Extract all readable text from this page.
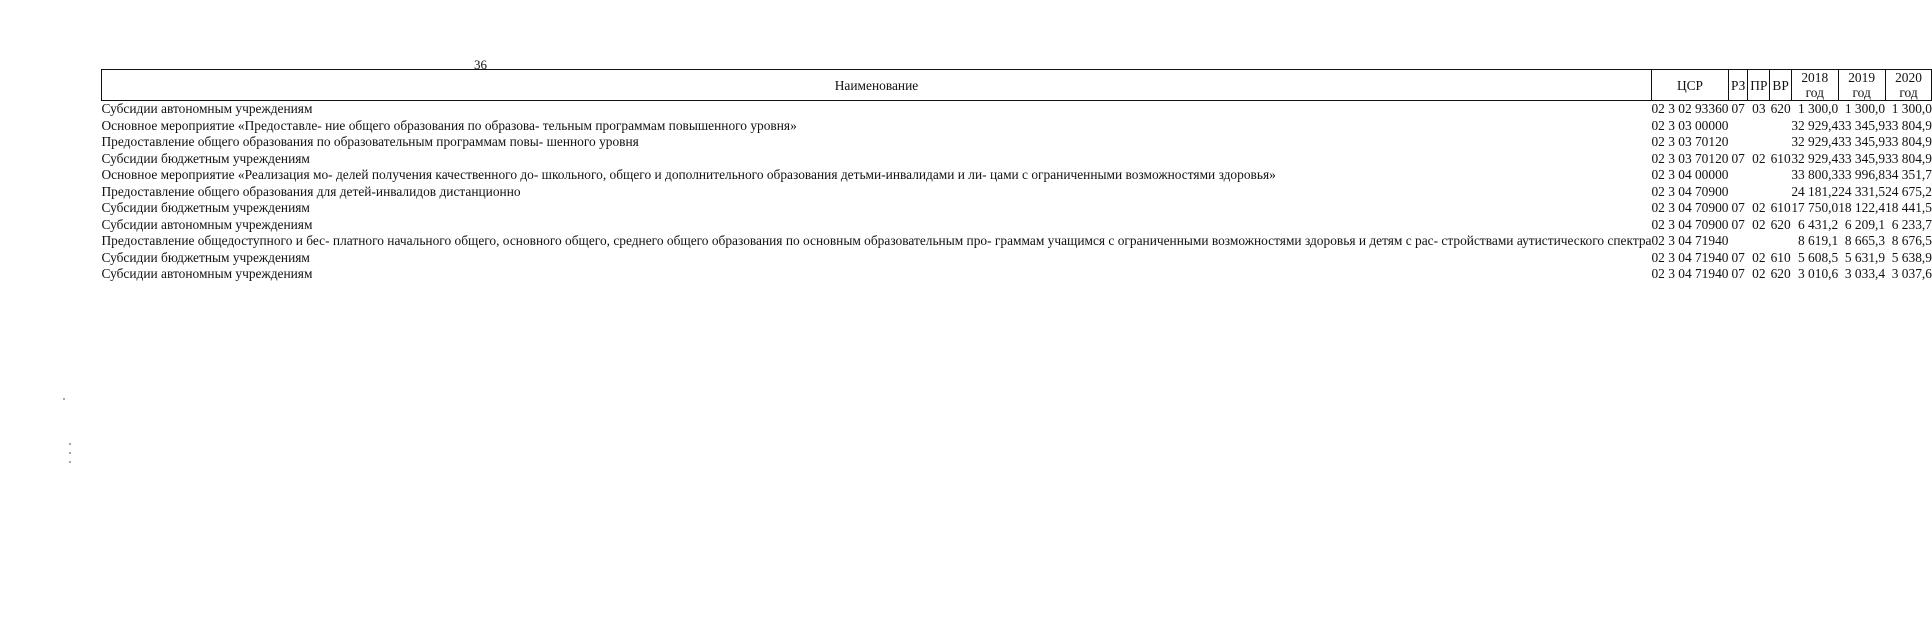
36
Наименование	ЦСР	РЗ	ПР	ВР	2018 год	2019 год	2020 год
Субсидии автономным учреждениям	02 3 02 93360	07	03	620	1 300,0	1 300,0	1 300,0
Основное мероприятие «Предоставле- ние общего образования по образова- тельным программам повышенного уровня»	02 3 03 00000				32 929,4	33 345,9	33 804,9
Предоставление общего образования по образовательным программам повы- шенного уровня	02 3 03 70120				32 929,4	33 345,9	33 804,9
Субсидии бюджетным учреждениям	02 3 03 70120	07	02	610	32 929,4	33 345,9	33 804,9
Основное мероприятие «Реализация мо- делей получения качественного до- школьного, общего и дополнительного образования детьми-инвалидами и ли- цами с ограниченными возможностями здоровья»	02 3 04 00000				33 800,3	33 996,8	34 351,7
Предоставление общего образования для детей-инвалидов дистанционно	02 3 04 70900				24 181,2	24 331,5	24 675,2
Субсидии бюджетным учреждениям	02 3 04 70900	07	02	610	17 750,0	18 122,4	18 441,5
Субсидии автономным учреждениям	02 3 04 70900	07	02	620	6 431,2	6 209,1	6 233,7
Предоставление общедоступного и бес- платного начального общего, основного общего, среднего общего образования по основным образовательным про- граммам учащимся с ограниченными возможностями здоровья и детям с рас- стройствами аутистического спектра	02 3 04 71940				8 619,1	8 665,3	8 676,5
Субсидии бюджетным учреждениям	02 3 04 71940	07	02	610	5 608,5	5 631,9	5 638,9
Субсидии автономным учреждениям	02 3 04 71940	07	02	620	3 010,6	3 033,4	3 037,6
